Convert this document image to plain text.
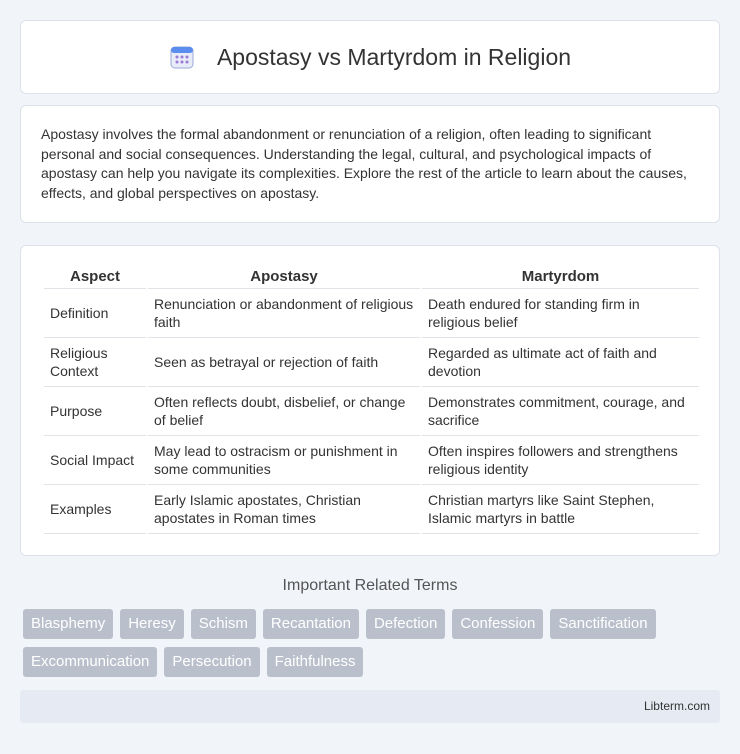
Apostasy vs Martyrdom in Religion

Apostasy involves the formal abandonment or renunciation of a religion, often leading to significant personal and social consequences. Understanding the legal, cultural, and psychological impacts of apostasy can help you navigate its complexities. Explore the rest of the article to learn about the causes, effects, and global perspectives on apostasy.

Aspect	Apostasy	Martyrdom
Definition	Renunciation or abandonment of religious faith	Death endured for standing firm in religious belief
Religious Context	Seen as betrayal or rejection of faith	Regarded as ultimate act of faith and devotion
Purpose	Often reflects doubt, disbelief, or change of belief	Demonstrates commitment, courage, and sacrifice
Social Impact	May lead to ostracism or punishment in some communities	Often inspires followers and strengthens religious identity
Examples	Early Islamic apostates, Christian apostates in Roman times	Christian martyrs like Saint Stephen, Islamic martyrs in battle
Important Related Terms
Blasphemy	Heresy	Schism	Recantation	Defection	Confession	Sanctification
Excommunication	Persecution	Faithfulness
Libterm.com
